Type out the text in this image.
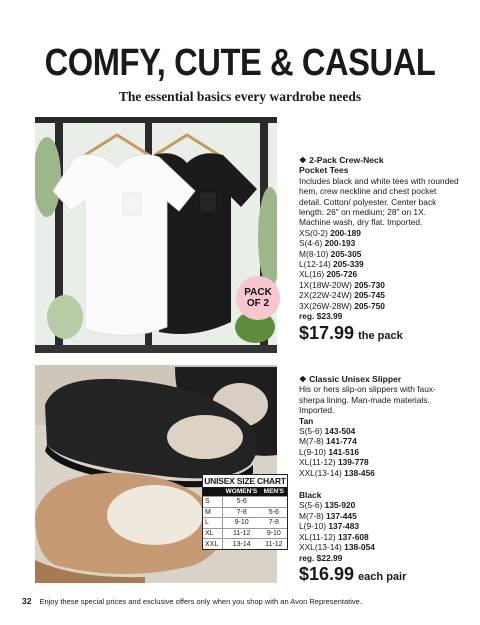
COMFY, CUTE & CASUAL
The essential basics every wardrobe needs
PACK
OF 2
UNISEX SIZE CHART
	WOMEN'S	MEN'S
S	5-6	
M	7-8	5-6
L	9-10	7-8
XL	11-12	9-10
XXL	13-14	11-12
❖ 2-Pack Crew-Neck
Pocket Tees
Includes black and white tees with rounded hem, crew neckline and chest pocket detail. Cotton/ polyester. Center back length: 26" on medium; 28" on 1X. Machine wash, dry flat. Imported.
XS(0-2) 200-189
S(4-6) 200-193
M(8-10) 205-305
L(12-14) 205-339
XL(16) 205-726
1X(18W-20W) 205-730
2X(22W-24W) 205-745
3X(26W-28W) 205-750
reg. $23.99
$17.99 the pack
❖ Classic Unisex Slipper
His or hers slip-on slippers with faux-sherpa lining. Man-made materials. Imported.
Tan
S(5-6) 143-504
M(7-8) 141-774
L(9-10) 141-516
XL(11-12) 139-778
XXL(13-14) 138-456
Black
S(5-6) 135-920
M(7-8) 137-445
L(9-10) 137-483
XL(11-12) 137-608
XXL(13-14) 138-054
reg. $22.99
$16.99 each pair
32 Enjoy these special prices and exclusive offers only when you shop with an Avon Representative.
